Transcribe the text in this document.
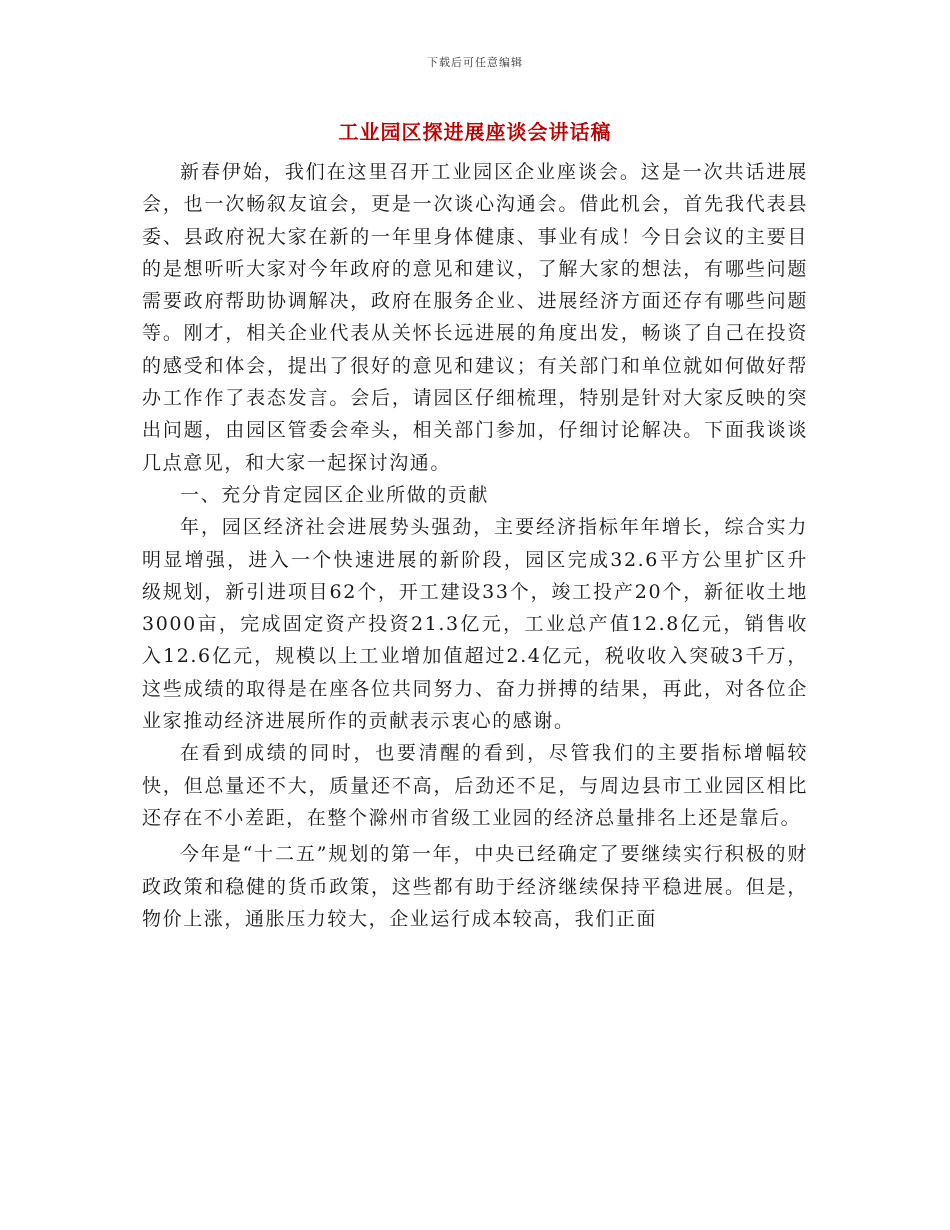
下载后可任意编辑
工业园区探进展座谈会讲话稿

新春伊始，我们在这里召开工业园区企业座谈会。这是一次共话进展会，也一次畅叙友谊会，更是一次谈心沟通会。借此机会，首先我代表县委、县政府祝大家在新的一年里身体健康、事业有成！今日会议的主要目的是想听听大家对今年政府的意见和建议，了解大家的想法，有哪些问题需要政府帮助协调解决，政府在服务企业、进展经济方面还存有哪些问题等。刚才，相关企业代表从关怀长远进展的角度出发，畅谈了自己在投资的感受和体会，提出了很好的意见和建议；有关部门和单位就如何做好帮办工作作了表态发言。会后，请园区仔细梳理，特别是针对大家反映的突出问题，由园区管委会牵头，相关部门参加，仔细讨论解决。下面我谈谈几点意见，和大家一起探讨沟通。

一、充分肯定园区企业所做的贡献

年，园区经济社会进展势头强劲，主要经济指标年年增长，综合实力明显增强，进入一个快速进展的新阶段，园区完成32.6平方公里扩区升级规划，新引进项目62个，开工建设33个，竣工投产20个，新征收土地3000亩，完成固定资产投资21.3亿元，工业总产值12.8亿元，销售收入12.6亿元，规模以上工业增加值超过2.4亿元，税收收入突破3千万，这些成绩的取得是在座各位共同努力、奋力拼搏的结果，再此，对各位企业家推动经济进展所作的贡献表示衷心的感谢。

在看到成绩的同时，也要清醒的看到，尽管我们的主要指标增幅较快，但总量还不大，质量还不高，后劲还不足，与周边县市工业园区相比还存在不小差距，在整个滁州市省级工业园的经济总量排名上还是靠后。

今年是“十二五”规划的第一年，中央已经确定了要继续实行积极的财政政策和稳健的货币政策，这些都有助于经济继续保持平稳进展。但是，物价上涨，通胀压力较大，企业运行成本较高，我们正面
